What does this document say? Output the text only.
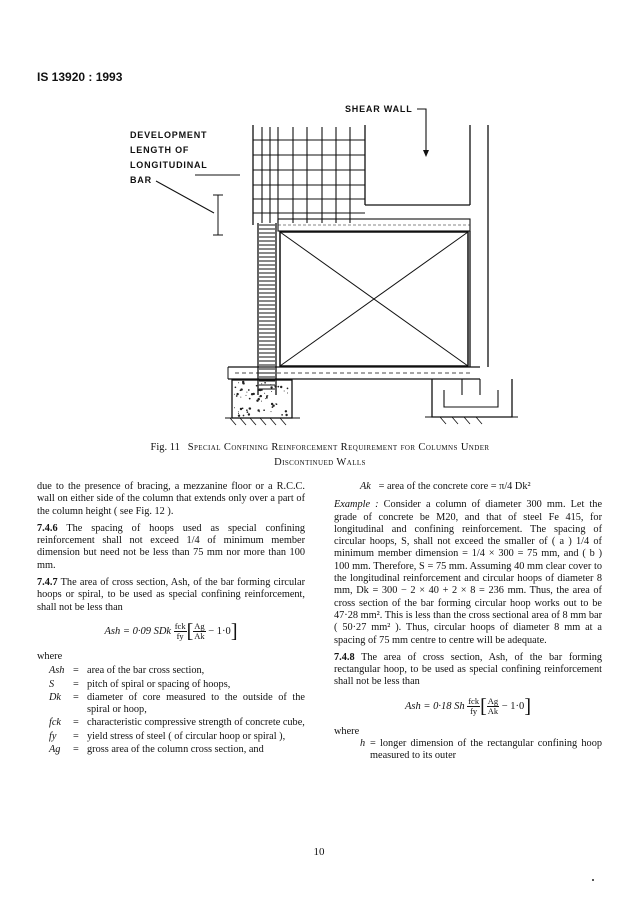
IS 13920 : 1993
SHEAR WALL
DEVELOPMENT
LENGTH OF
LONGITUDINAL
BAR
Fig. 11 Special Confining Reinforcement Requirement for Columns Under
Discontinued Walls

due to the presence of bracing, a mezzanine floor or a R.C.C. wall on either side of the column that extends only over a part of the column height ( see Fig. 12 ).

7.4.6 The spacing of hoops used as special confining reinforcement shall not exceed 1/4 of minimum member dimension but need not be less than 75 mm nor more than 100 mm.

7.4.7 The area of cross section, Ash, of the bar forming circular hoops or spiral, to be used as special confining reinforcement, shall not be less than

Ash = 0·09 SDk $\frac{\text{fck}}{fy}$ [ $\frac{Ag}{Ak} - 1\cdot 0$]
where
Ash = area of the bar cross section,
S	= pitch of spiral or spacing of hoops,
Dk	= diameter of core measured to the outside of the spiral or hoop,
fck	= characteristic compressive strength of concrete cube,
fy	= yield stress of steel ( of circular hoop or spiral ),
Ag	= gross area of the column cross section, and

Ak = area of the concrete core = π/4 Dk²

Example : Consider a column of diameter 300 mm. Let the grade of concrete be M20, and that of steel Fe 415, for longitudinal and confining reinforcement. The spacing of circular hoops, S, shall not exceed the smaller of ( a ) 1/4 of minimum member dimension = 1/4 × 300 = 75 mm, and ( b ) 100 mm. Therefore, S = 75 mm. Assuming 40 mm clear cover to the longitudinal reinforcement and circular hoops of diameter 8 mm, Dk = 300 − 2 × 40 + 2 × 8 = 236 mm. Thus, the area of cross section of the bar forming circular hoop works out to be 47·28 mm². This is less than the cross sectional area of 8 mm bar ( 50·27 mm² ). Thus, circular hoops of diameter 8 mm at a spacing of 75 mm centre to centre will be adequate.

7.4.8 The area of cross section, Ash, of the bar forming rectangular hoop, to be used as special confining reinforcement shall not be less than

Ash = 0·18 Sh $\frac{\text{fck}}{fy}$ [ $\frac{Ag}{Ak} - 1\cdot 0$]
where
h = longer dimension of the rectangular confining hoop measured to its outer
10
